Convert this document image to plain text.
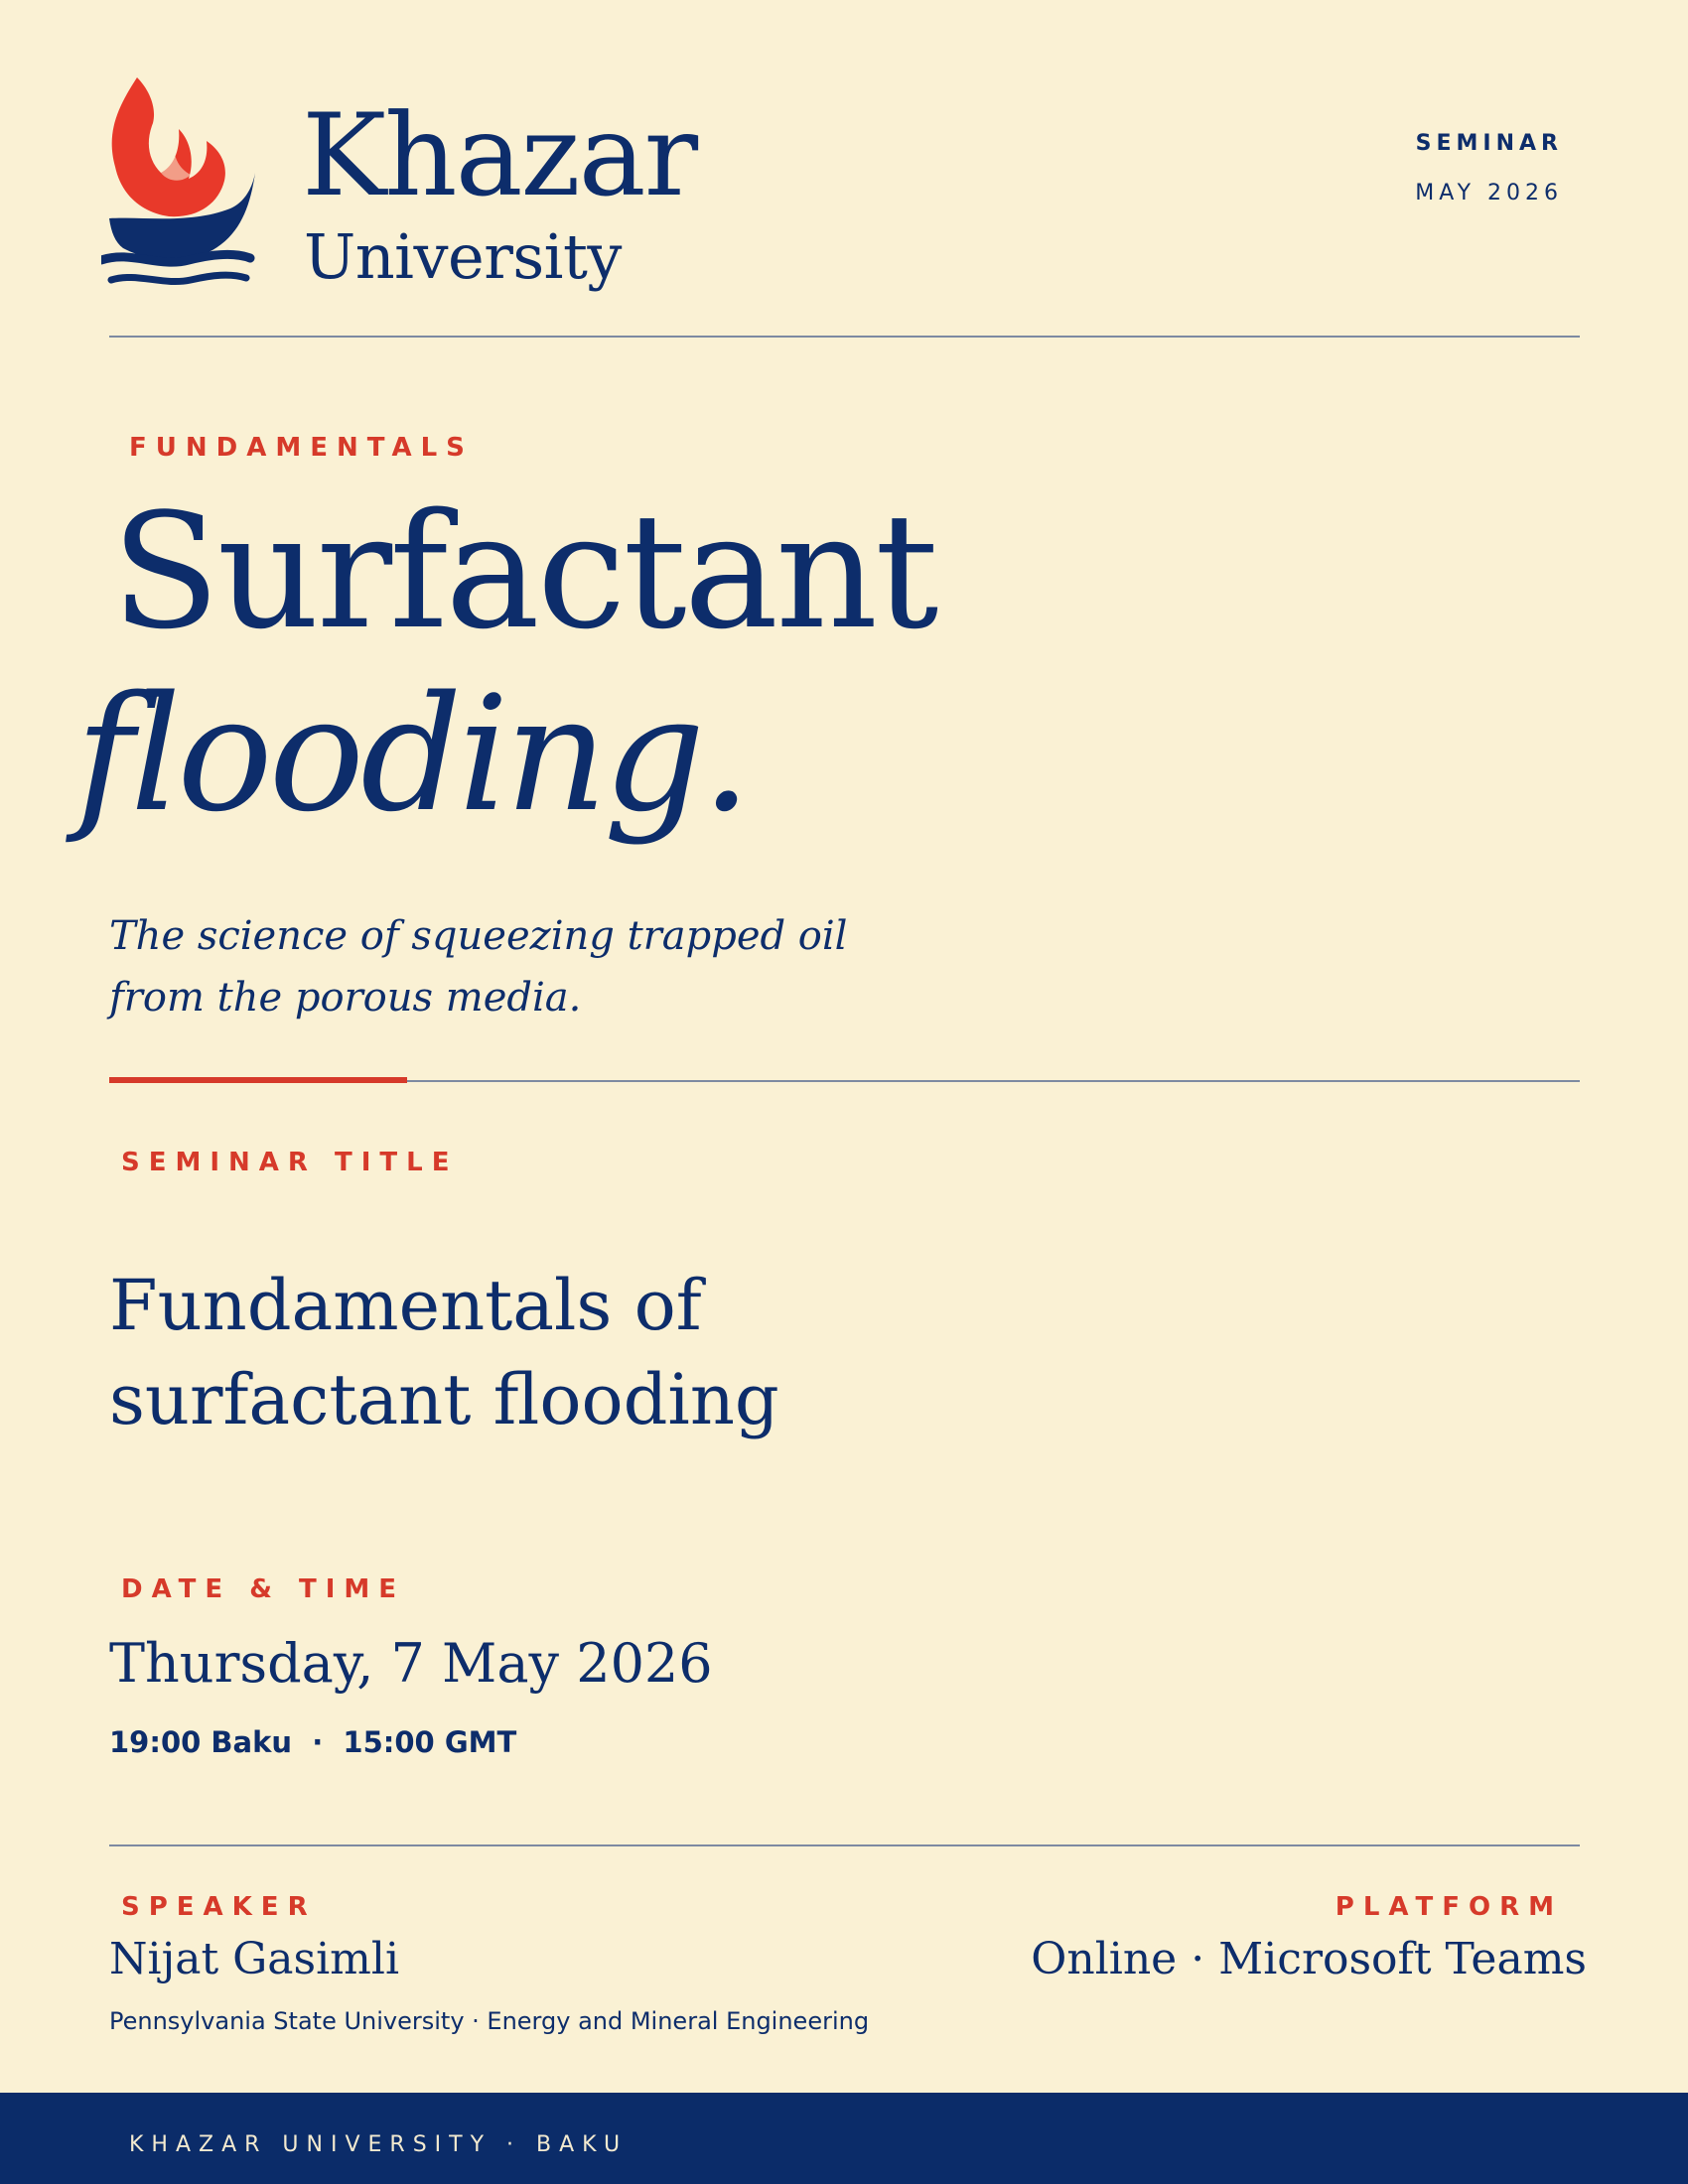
Khazar
University
SEMINAR
MAY 2026
FUNDAMENTALS
Surfactant
flooding.
The science of squeezing trapped oil from the porous media.
SEMINAR TITLE
Fundamentals of surfactant flooding
DATE & TIME
Thursday, 7 May 2026
19:00 Baku  ·  15:00 GMT
SPEAKER
Nijat Gasimli
Pennsylvania State University · Energy and Mineral Engineering
PLATFORM
Online · Microsoft Teams
KHAZAR UNIVERSITY · BAKU
